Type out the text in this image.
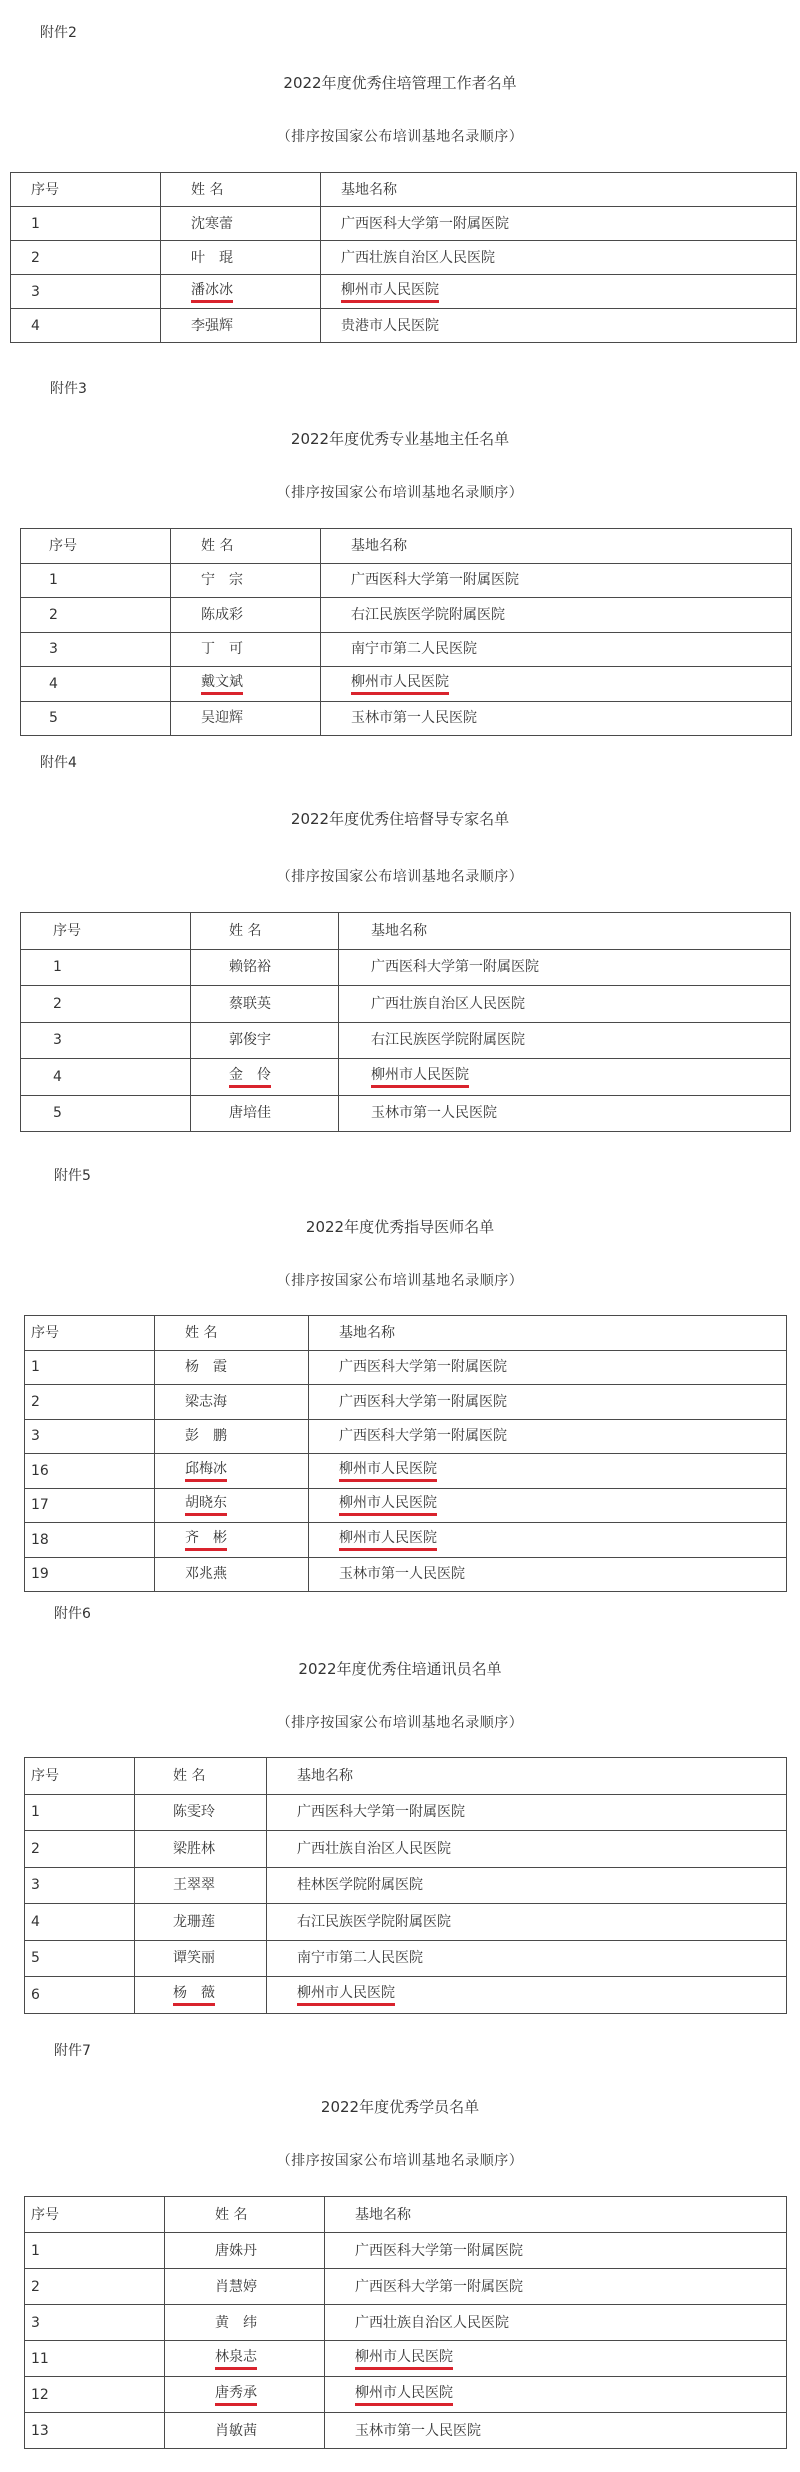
附件2
2022年度优秀住培管理工作者名单
（排序按国家公布培训基地名录顺序）
序号	姓 名	基地名称
1	沈寒蕾	广西医科大学第一附属医院
2	叶　琨	广西壮族自治区人民医院
3	潘冰冰	柳州市人民医院
4	李强辉	贵港市人民医院
附件3
2022年度优秀专业基地主任名单
（排序按国家公布培训基地名录顺序）
序号	姓 名	基地名称
1	宁　宗	广西医科大学第一附属医院
2	陈成彩	右江民族医学院附属医院
3	丁　可	南宁市第二人民医院
4	戴文斌	柳州市人民医院
5	吴迎辉	玉林市第一人民医院
附件4
2022年度优秀住培督导专家名单
（排序按国家公布培训基地名录顺序）
序号	姓 名	基地名称
1	赖铭裕	广西医科大学第一附属医院
2	蔡联英	广西壮族自治区人民医院
3	郭俊宇	右江民族医学院附属医院
4	金　伶	柳州市人民医院
5	唐培佳	玉林市第一人民医院
附件5
2022年度优秀指导医师名单
（排序按国家公布培训基地名录顺序）
序号	姓 名	基地名称
1	杨　霞	广西医科大学第一附属医院
2	梁志海	广西医科大学第一附属医院
3	彭　鹏	广西医科大学第一附属医院
16	邱梅冰	柳州市人民医院
17	胡晓东	柳州市人民医院
18	齐　彬	柳州市人民医院
19	邓兆燕	玉林市第一人民医院
附件6
2022年度优秀住培通讯员名单
（排序按国家公布培训基地名录顺序）
序号	姓 名	基地名称
1	陈雯玲	广西医科大学第一附属医院
2	梁胜林	广西壮族自治区人民医院
3	王翠翠	桂林医学院附属医院
4	龙珊莲	右江民族医学院附属医院
5	谭笑丽	南宁市第二人民医院
6	杨　薇	柳州市人民医院
附件7
2022年度优秀学员名单
（排序按国家公布培训基地名录顺序）
序号	姓 名	基地名称
1	唐姝丹	广西医科大学第一附属医院
2	肖慧婷	广西医科大学第一附属医院
3	黄　纬	广西壮族自治区人民医院
11	林泉志	柳州市人民医院
12	唐秀承	柳州市人民医院
13	肖敏茜	玉林市第一人民医院
